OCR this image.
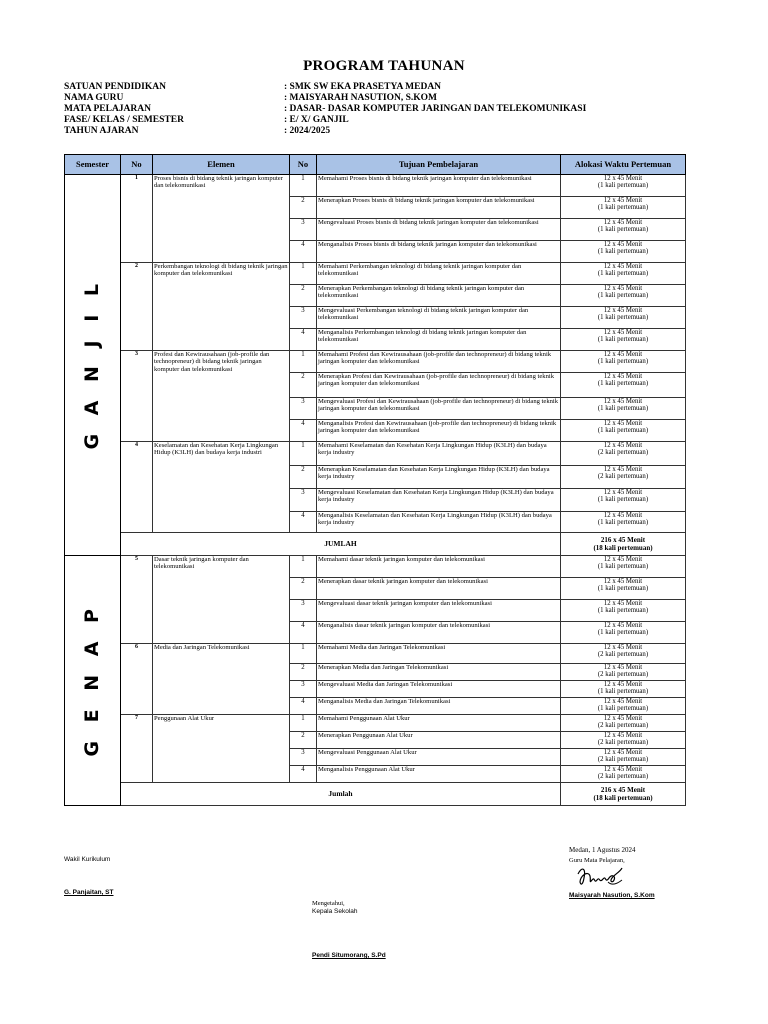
PROGRAM TAHUNAN
SATUAN PENDIDIKAN	: SMK SW EKA PRASETYA MEDAN
NAMA GURU	: MAISYARAH NASUTION, S.KOM
MATA PELAJARAN	: DASAR- DASAR KOMPUTER JARINGAN DAN TELEKOMUNIKASI
FASE/ KELAS / SEMESTER	: E/ X/ GANJIL
TAHUN AJARAN	: 2024/2025
Semester	No	Elemen	No	Tujuan Pembelajaran	Alokasi Waktu Pertemuan
G A N J I L	1	Proses bisnis di bidang teknik jaringan komputer dan telekomunikasi	1	Memahami Proses bisnis di bidang teknik jaringan komputer dan telekomunikasi	12 x 45 Menit
(1 kali pertemuan)

			2	Menerapkan Proses bisnis di bidang teknik jaringan komputer dan telekomunikasi	12 x 45 Menit
(1 kali pertemuan)

			3	Mengevaluasi Proses bisnis di bidang teknik jaringan komputer dan telekomunikasi	12 x 45 Menit
(1 kali pertemuan)

			4	Menganalisis Proses bisnis di bidang teknik jaringan komputer dan telekomunikasi	12 x 45 Menit
(1 kali pertemuan)

	2	Perkembangan teknologi di bidang teknik jaringan komputer dan telekomunikasi	1	Memahami Perkembangan teknologi di bidang teknik jaringan komputer dan telekomunikasi	12 x 45 Menit
(1 kali pertemuan)

			2	Menerapkan Perkembangan teknologi di bidang teknik jaringan komputer dan telekomunikasi	12 x 45 Menit
(1 kali pertemuan)

			3	Mengevaluasi Perkembangan teknologi di bidang teknik jaringan komputer dan telekomunikasi	12 x 45 Menit
(1 kali pertemuan)

			4	Menganalisis Perkembangan teknologi di bidang teknik jaringan komputer dan telekomunikasi	12 x 45 Menit
(1 kali pertemuan)

	3	Profesi dan Kewirausahaan (job-profile dan technopreneur) di bidang teknik jaringan komputer dan telekomunikasi	1	Memahami Profesi dan Kewirausahaan (job-profile dan technopreneur) di bidang teknik jaringan komputer dan telekomunikasi	12 x 45 Menit
(1 kali pertemuan)

			2	Menerapkan Profesi dan Kewirausahaan (job-profile dan technopreneur) di bidang teknik jaringan komputer dan telekomunikasi	12 x 45 Menit
(1 kali pertemuan)

			3	Mengevaluasi Profesi dan Kewirausahaan (job-profile dan technopreneur) di bidang teknik jaringan komputer dan telekomunikasi	12 x 45 Menit
(1 kali pertemuan)

			4	Menganalisis Profesi dan Kewirausahaan (job-profile dan technopreneur) di bidang teknik jaringan komputer dan telekomunikasi	12 x 45 Menit
(1 kali pertemuan)

	4	Keselamatan dan Kesehatan Kerja Lingkungan Hidup (K3LH) dan budaya kerja industri	1	Memahami Keselamatan dan Kesehatan Kerja Lingkungan Hidup (K3LH) dan budaya kerja industry	12 x 45 Menit
(2 kali pertemuan)

			2	Menerapkan Keselamatan dan Kesehatan Kerja Lingkungan Hidup (K3LH) dan budaya kerja industry	12 x 45 Menit
(2 kali pertemuan)

			3	Mengevaluasi Keselamatan dan Kesehatan Kerja Lingkungan Hidup (K3LH) dan budaya kerja industry	12 x 45 Menit
(1 kali pertemuan)

			4	Menganalisis Keselamatan dan Kesehatan Kerja Lingkungan Hidup (K3LH) dan budaya kerja industry	12 x 45 Menit
(1 kali pertemuan)

	JUMLAH				216 x 45 Menit
(18 kali pertemuan)

G E N A P	5	Dasar teknik jaringan komputer dan telekomunikasi	1	Memahami dasar teknik jaringan komputer dan telekomunikasi	12 x 45 Menit
(1 kali pertemuan)

			2	Menerapkan dasar teknik jaringan komputer dan telekomunikasi	12 x 45 Menit
(1 kali pertemuan)

			3	Mengevaluasi dasar teknik jaringan komputer dan telekomunikasi	12 x 45 Menit
(1 kali pertemuan)

			4	Menganalisis dasar teknik jaringan komputer dan telekomunikasi	12 x 45 Menit
(1 kali pertemuan)

	6	Media dan Jaringan Telekomunikasi	1	Memahami Media dan Jaringan Telekomunikasi	12 x 45 Menit
(2 kali pertemuan)

			2	Menerapkan Media dan Jaringan Telekomunikasi	12 x 45 Menit
(2 kali pertemuan)

			3	Mengevaluasi Media dan Jaringan Telekomunikasi	12 x 45 Menit
(1 kali pertemuan)

			4	Menganalisis Media dan Jaringan Telekomunikasi	12 x 45 Menit
(1 kali pertemuan)

	7	Penggunaan Alat Ukur	1	Memahami Penggunaan Alat Ukur	12 x 45 Menit
(2 kali pertemuan)

			2	Menerapkan Penggunaan Alat Ukur	12 x 45 Menit
(2 kali pertemuan)

			3	Mengevaluasi Penggunaan Alat Ukur	12 x 45 Menit
(2 kali pertemuan)

			4	Menganalisis Penggunaan Alat Ukur	12 x 45 Menit
(2 kali pertemuan)

	Jumlah				216 x 45 Menit
(18 kali pertemuan)
Medan, 1 Agustus 2024
Guru Mata Pelajaran,
Maisyarah Nasution, S.Kom
Wakil Kurikulum
G. Panjaitan, ST
Mengetahui,
Kepala Sekolah
Pendi Situmorang, S.Pd
